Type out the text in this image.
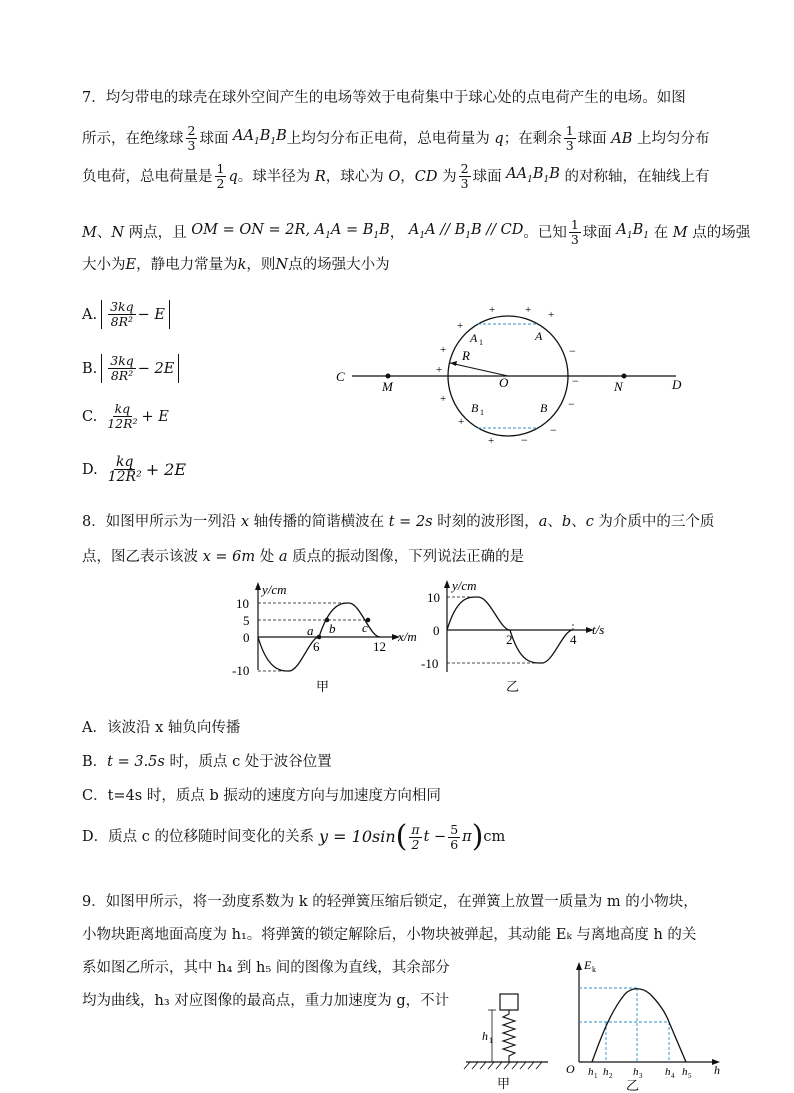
7．均匀带电的球壳在球外空间产生的电场等效于电荷集中于球心处的点电荷产生的电场。如图
所示，在绝缘球 $\frac{2}{3}$ 球面 $AA_1B_1B$ 上均匀分布正电荷，总电荷量为 q ；在剩余 $\frac{1}{3}$ 球面 AB 上均匀分布
负电荷，总电荷量是 $\frac{1}{2}$ q 。球半径为 R ，球心为 O ， CD 为 $\frac{2}{3}$ 球面 $AA_1B_1B$ 的对称轴，在轴线上有
M 、 N 两点，且 OM = ON = 2R, $A_1A = B_1B$ ， $A_1A // B_1B$ // CD 。已知 $\frac{1}{3}$ 球面 $A_1B_1$ 在 M 点的场强
大小为E，静电力常量为k，则N点的场强大小为
A. $\frac{3kq}{\text{8R²}} - E$
B. $\frac{3kq}{\text{8R²}} - 2E$
C. $\frac{kq}{\text{12R²}} + E$
D. $\frac{kq}{\text{12R²}} + 2E$
C
D
M	N
O
R
A 1	A
B 1	B
+	+
+
+
+
+
+
+
+
−
−
−
−
−
8．如图甲所示为一列沿 x 轴传播的简谐横波在 t = 2s 时刻的波形图，a、b、c 为介质中的三个质
点，图乙表示该波 x = 6m 处 a 质点的振动图像，下列说法正确的是
y/cm
10
5
0
-10
6	12
x/m
a b c
甲
y/cm
10
0
-10
2	4
t/s
乙
A．该波沿 x 轴负向传播
B．t = 3.5s 时，质点 c 处于波谷位置
C．t=4s 时，质点 b 振动的速度方向与加速度方向相同
D．质点 c 的位移随时间变化的关系 y = 10sin ( $\frac{\pi}{2}$ $t - \frac{5}{6}$ π ) cm
9．如图甲所示，将一劲度系数为 k 的轻弹簧压缩后锁定，在弹簧上放置一质量为 m 的小物块，
小物块距离地面高度为 h₁。将弹簧的锁定解除后，小物块被弹起，其动能 Eₖ 与离地高度 h 的关
系如图乙所示，其中 h₄ 到 h₅ 间的图像为直线，其余部分
均为曲线，h₃ 对应图像的最高点，重力加速度为 g，不计
h 1
甲
E k
O	h
h h h h h
1 2	3	4 5
乙
